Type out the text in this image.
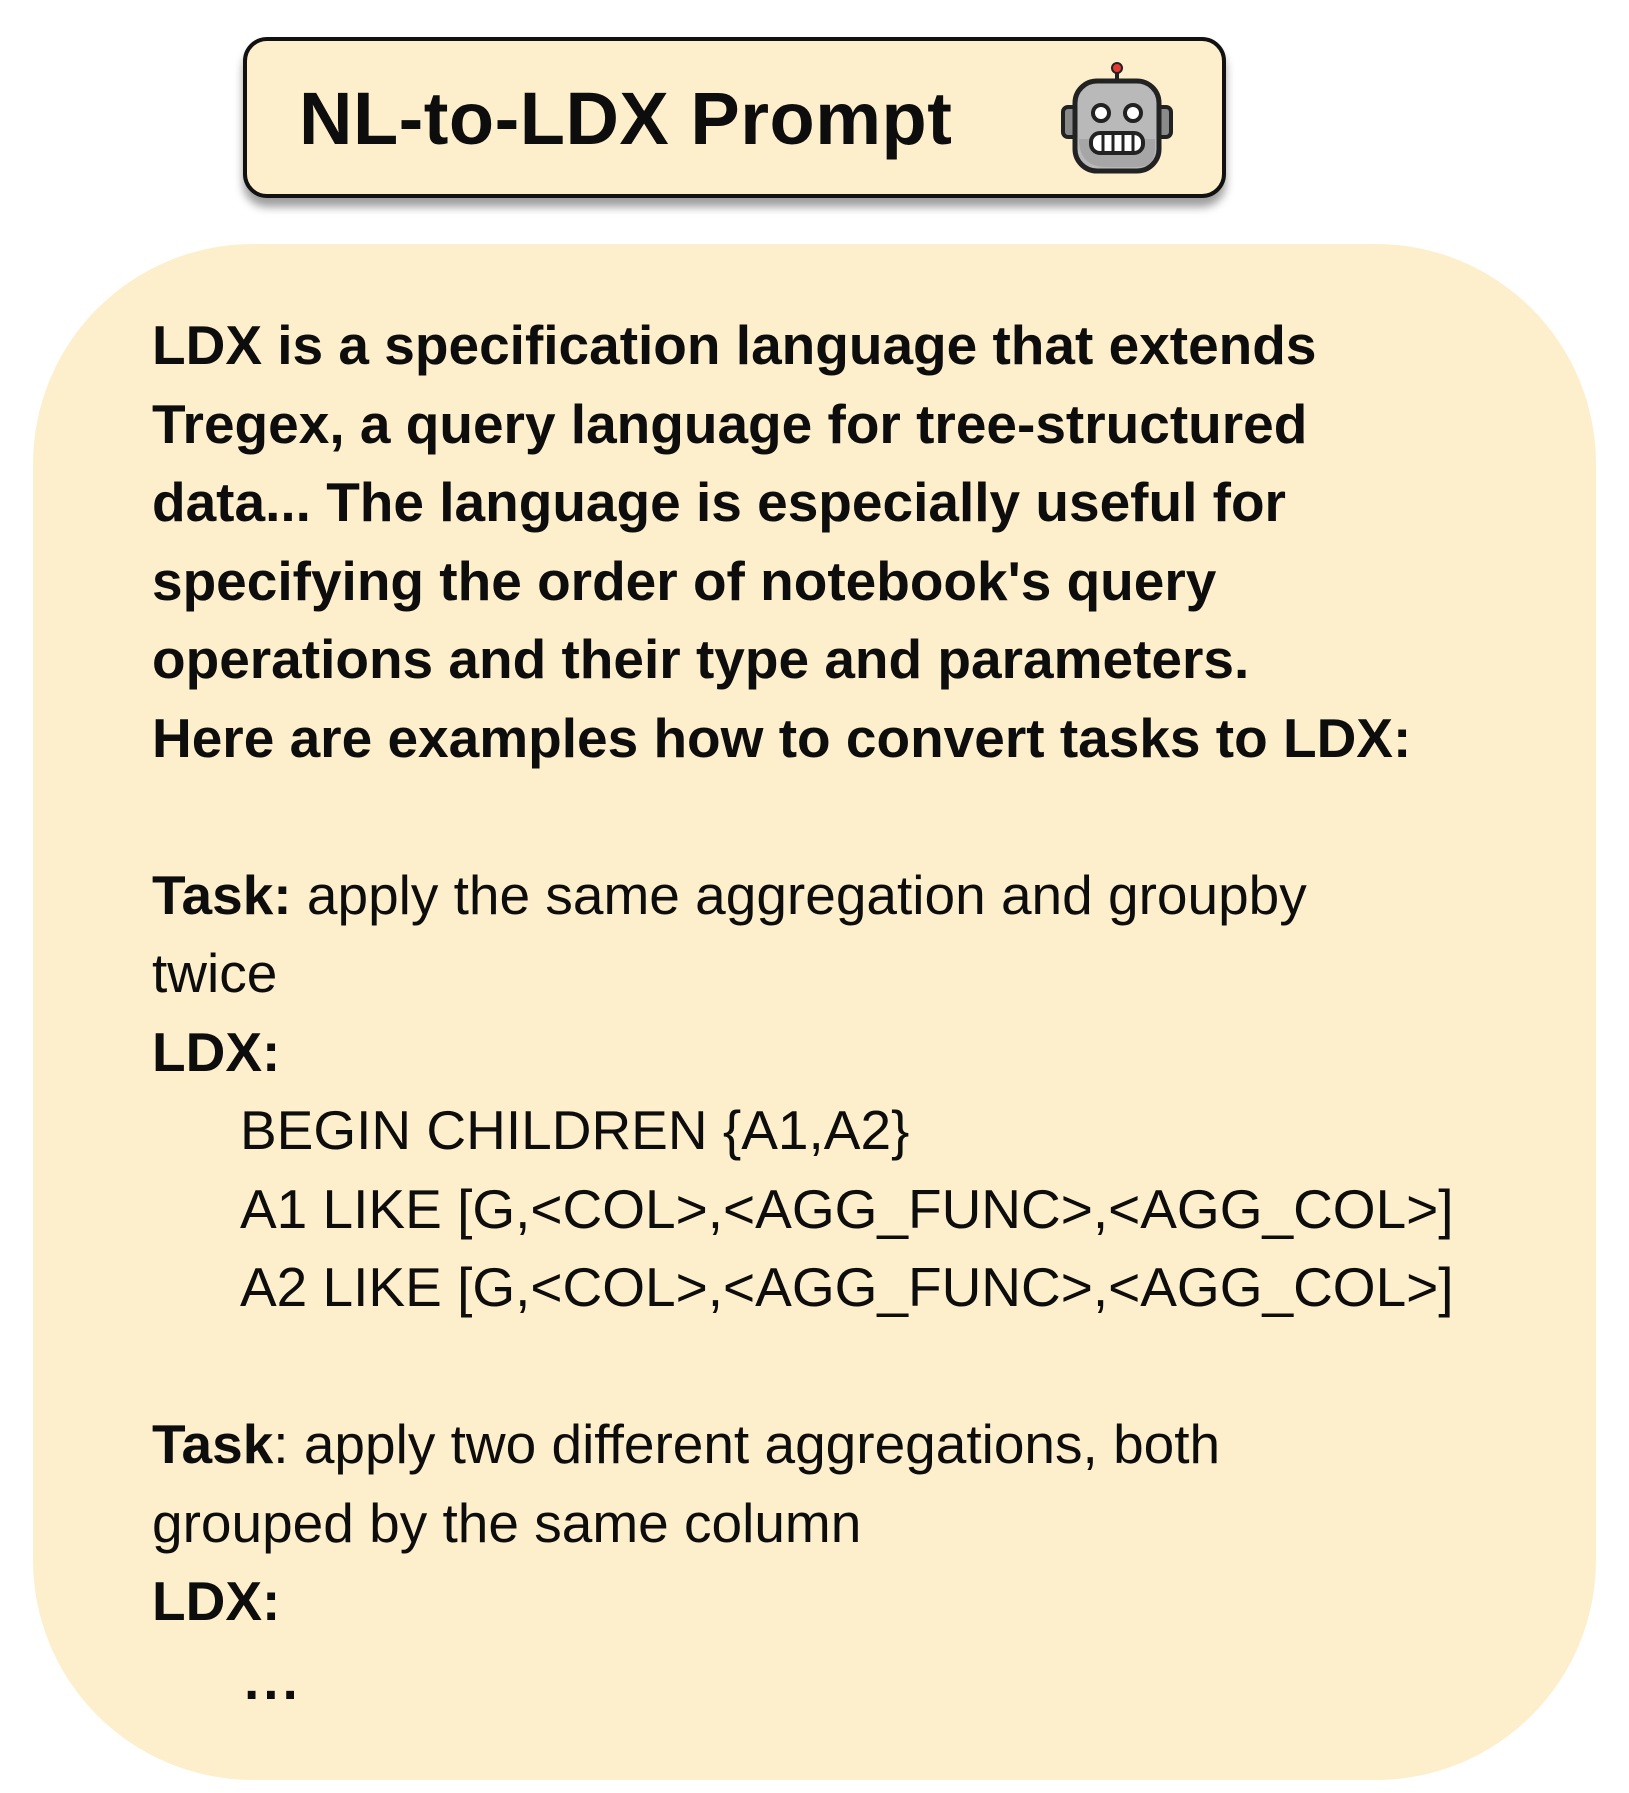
NL-to-LDX Prompt
LDX is a specification language that extends
Tregex, a query language for tree-structured
data... The language is especially useful for
specifying the order of notebook's query
operations and their type and parameters.
Here are examples how to convert tasks to LDX:
Task: apply the same aggregation and groupby
twice
LDX:
BEGIN CHILDREN {A1,A2}
A1 LIKE [G,<COL>,<AGG_FUNC>,<AGG_COL>]
A2 LIKE [G,<COL>,<AGG_FUNC>,<AGG_COL>]
Task: apply two different aggregations, both
grouped by the same column
LDX:
...
